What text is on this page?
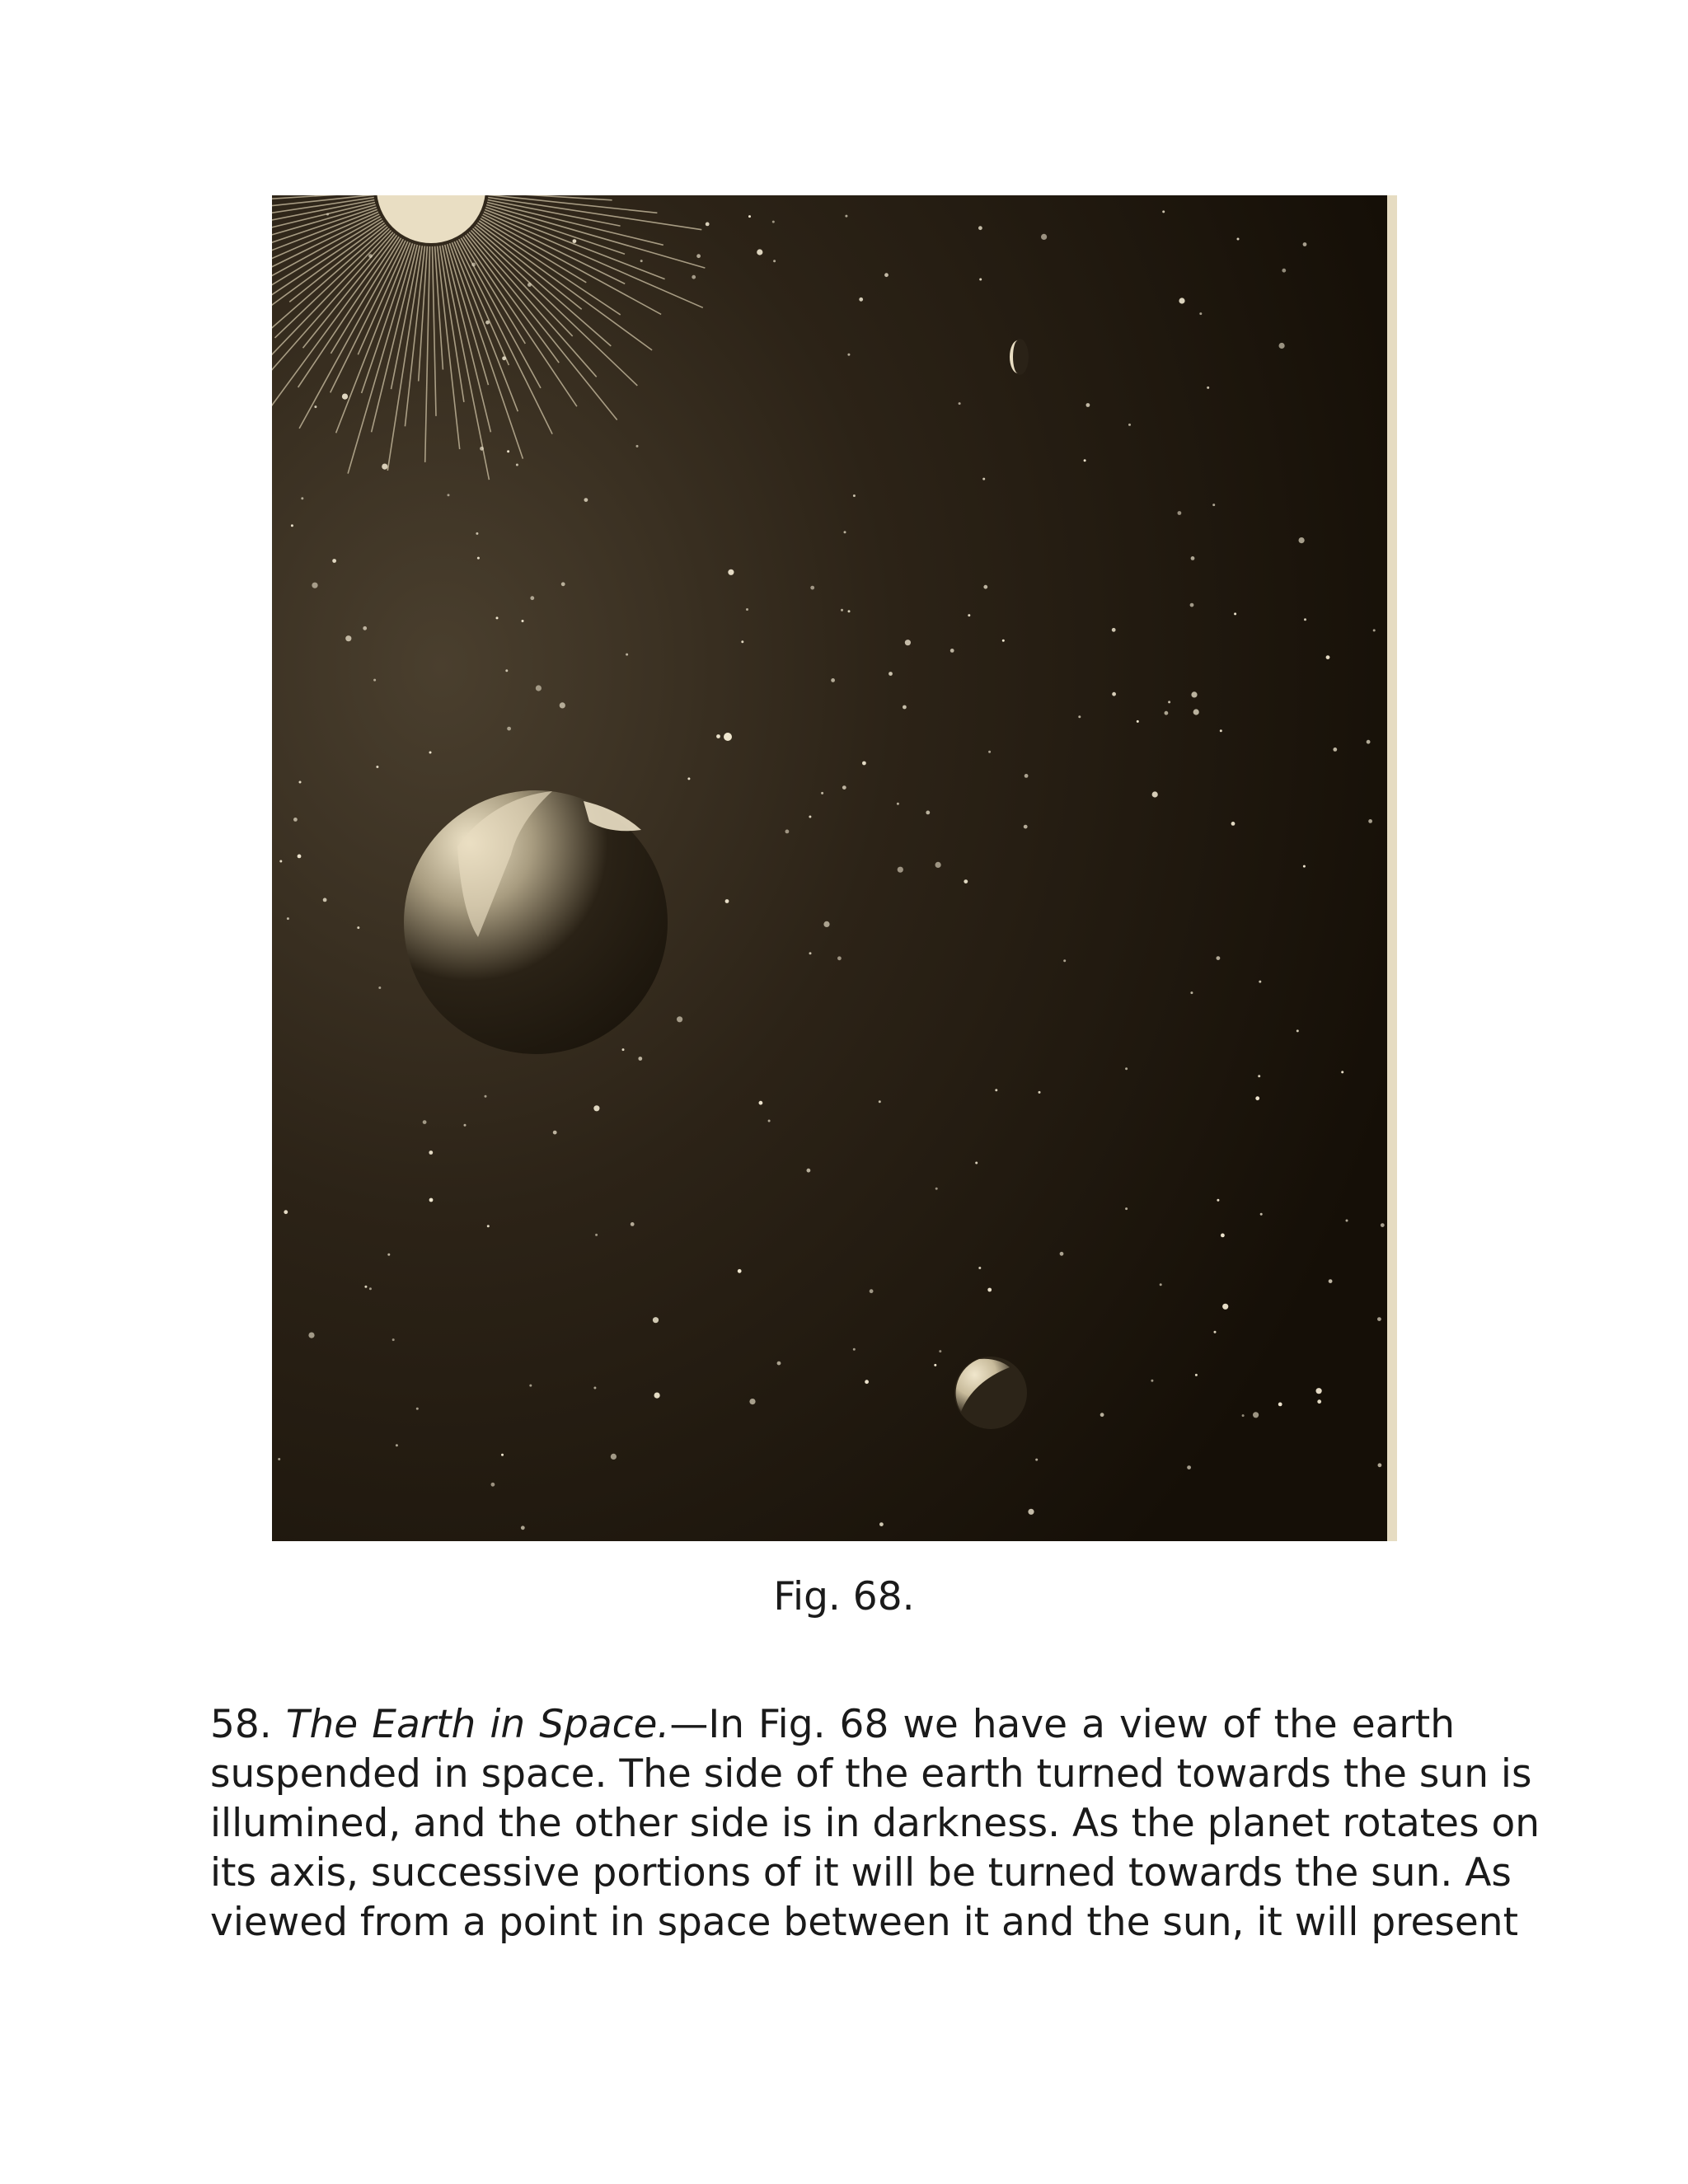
Fig. 68.
58. The Earth in Space.—In Fig. 68 we have a view of the earth
suspended in space. The side of the earth turned towards the sun is
illumined, and the other side is in darkness. As the planet rotates on
its axis, successive portions of it will be turned towards the sun. As
viewed from a point in space between it and the sun, it will present
